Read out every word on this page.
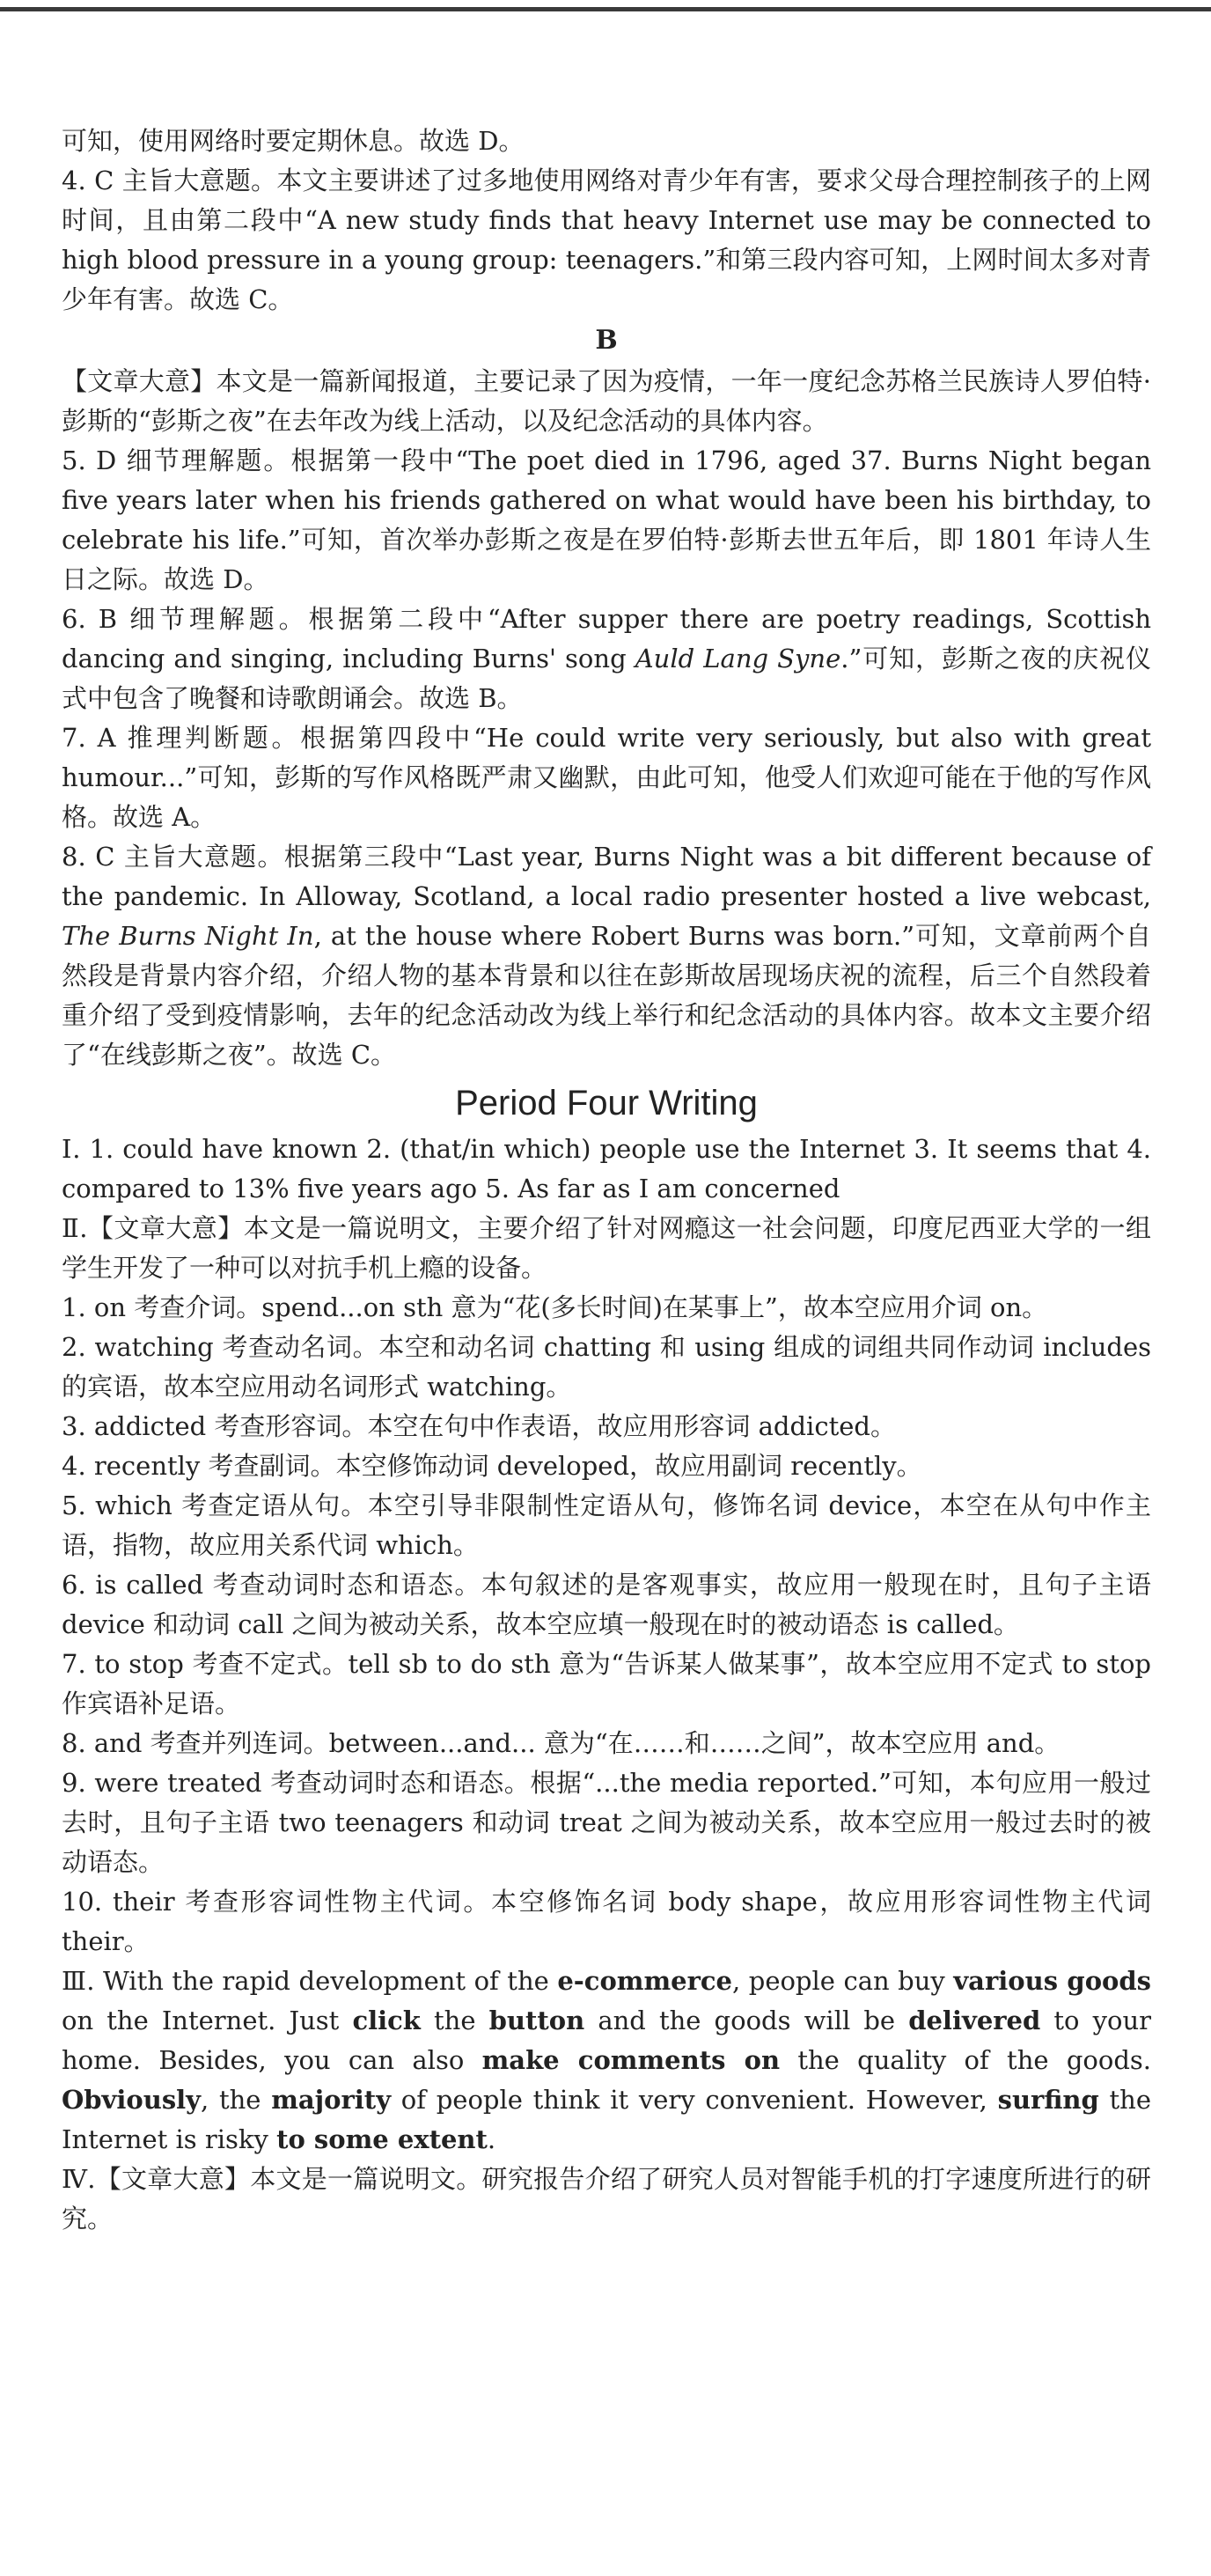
可知，使用网络时要定期休息。故选 D。

4. C 主旨大意题。本文主要讲述了过多地使用网络对青少年有害，要求父母合理控制孩子的上网时间，且由第二段中“A new study finds that heavy Internet use may be connected to high blood pressure in a young group: teenagers.”和第三段内容可知，上网时间太多对青少年有害。故选 C。

B

【文章大意】本文是一篇新闻报道，主要记录了因为疫情，一年一度纪念苏格兰民族诗人罗伯特·彭斯的“彭斯之夜”在去年改为线上活动，以及纪念活动的具体内容。

5. D 细节理解题。根据第一段中“The poet died in 1796, aged 37. Burns Night began five years later when his friends gathered on what would have been his birthday, to celebrate his life.”可知，首次举办彭斯之夜是在罗伯特·彭斯去世五年后，即 1801 年诗人生日之际。故选 D。

6. B 细节理解题。根据第二段中“After supper there are poetry readings, Scottish dancing and singing, including Burns' song Auld Lang Syne.”可知，彭斯之夜的庆祝仪式中包含了晚餐和诗歌朗诵会。故选 B。

7. A 推理判断题。根据第四段中“He could write very seriously, but also with great humour...”可知，彭斯的写作风格既严肃又幽默，由此可知，他受人们欢迎可能在于他的写作风格。故选 A。

8. C 主旨大意题。根据第三段中“Last year, Burns Night was a bit different because of the pandemic. In Alloway, Scotland, a local radio presenter hosted a live webcast, The Burns Night In, at the house where Robert Burns was born.”可知，文章前两个自然段是背景内容介绍，介绍人物的基本背景和以往在彭斯故居现场庆祝的流程，后三个自然段着重介绍了受到疫情影响，去年的纪念活动改为线上举行和纪念活动的具体内容。故本文主要介绍了“在线彭斯之夜”。故选 C。

Period Four Writing

Ⅰ. 1. could have known 2. (that/in which) people use the Internet 3. It seems that 4. compared to 13% five years ago 5. As far as I am concerned

Ⅱ.【文章大意】本文是一篇说明文，主要介绍了针对网瘾这一社会问题，印度尼西亚大学的一组学生开发了一种可以对抗手机上瘾的设备。

1. on 考查介词。spend...on sth 意为“花(多长时间)在某事上”，故本空应用介词 on。

2. watching 考查动名词。本空和动名词 chatting 和 using 组成的词组共同作动词 includes 的宾语，故本空应用动名词形式 watching。

3. addicted 考查形容词。本空在句中作表语，故应用形容词 addicted。

4. recently 考查副词。本空修饰动词 developed，故应用副词 recently。

5. which 考查定语从句。本空引导非限制性定语从句，修饰名词 device，本空在从句中作主语，指物，故应用关系代词 which。

6. is called 考查动词时态和语态。本句叙述的是客观事实，故应用一般现在时，且句子主语 device 和动词 call 之间为被动关系，故本空应填一般现在时的被动语态 is called。

7. to stop 考查不定式。tell sb to do sth 意为“告诉某人做某事”，故本空应用不定式 to stop 作宾语补足语。

8. and 考查并列连词。between...and... 意为“在……和……之间”，故本空应用 and。

9. were treated 考查动词时态和语态。根据“...the media reported.”可知，本句应用一般过去时，且句子主语 two teenagers 和动词 treat 之间为被动关系，故本空应用一般过去时的被动语态。

10. their 考查形容词性物主代词。本空修饰名词 body shape，故应用形容词性物主代词 their。

Ⅲ. With the rapid development of the e-commerce, people can buy various goods on the Internet. Just click the button and the goods will be delivered to your home. Besides, you can also make comments on the quality of the goods. Obviously, the majority of people think it very convenient. However, surfing the Internet is risky to some extent.

Ⅳ.【文章大意】本文是一篇说明文。研究报告介绍了研究人员对智能手机的打字速度所进行的研究。
